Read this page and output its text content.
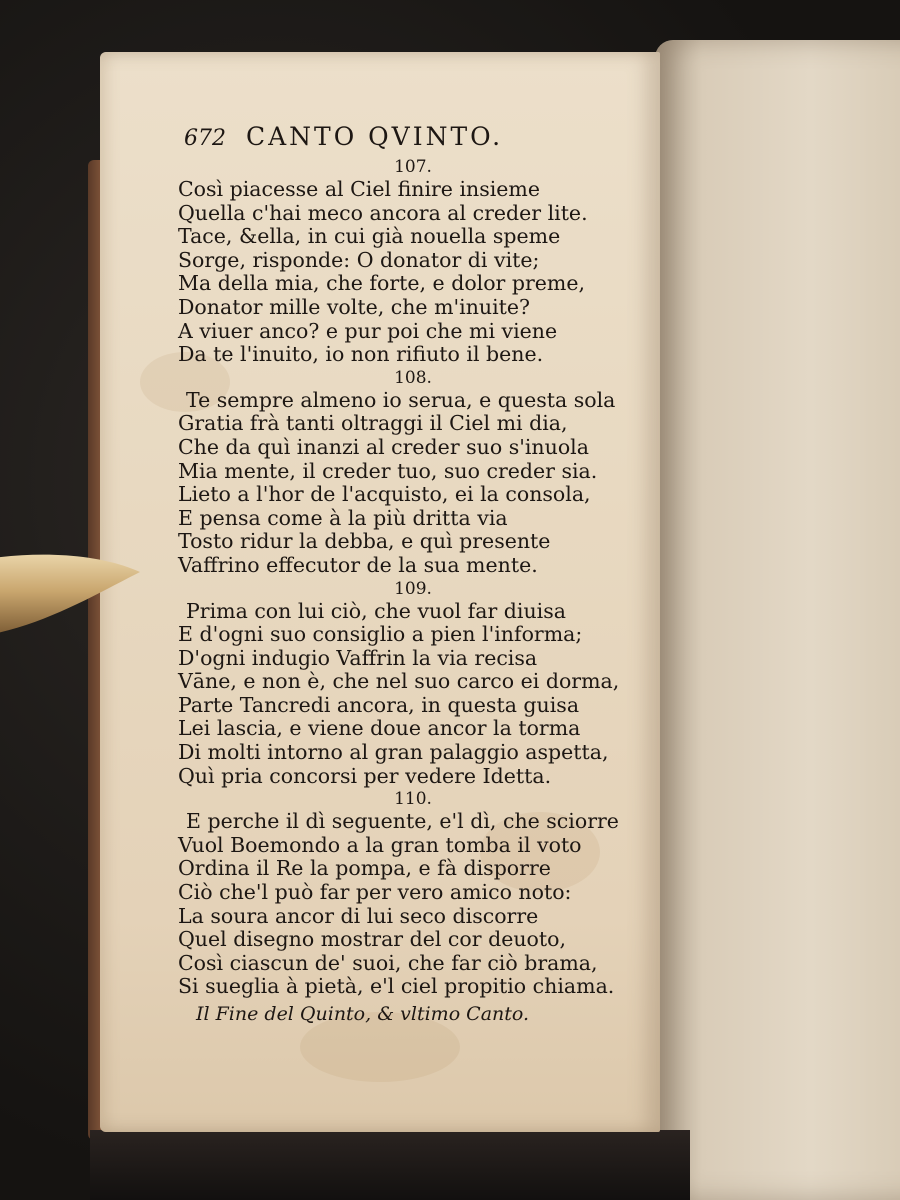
672 CANTO QVINTO.
107.
Così piacesse al Ciel finire insieme
Quella c'hai meco ancora al creder lite.
Tace, &ella, in cui già nouella speme
Sorge, risponde: O donator di vite;
Ma della mia, che forte, e dolor preme,
Donator mille volte, che m'inuite?
A viuer anco? e pur poi che mi viene
Da te l'inuito, io non rifiuto il bene.
108.
Te sempre almeno io serua, e questa sola
Gratia frà tanti oltraggi il Ciel mi dia,
Che da quì inanzi al creder suo s'inuola
Mia mente, il creder tuo, suo creder sia.
Lieto a l'hor de l'acquisto, ei la consola,
E pensa come à la più dritta via
Tosto ridur la debba, e quì presente
Vaffrino effecutor de la sua mente.
109.
Prima con lui ciò, che vuol far diuisa
E d'ogni suo consiglio a pien l'informa;
D'ogni indugio Vaffrin la via recisa
Vāne, e non è, che nel suo carco ei dorma,
Parte Tancredi ancora, in questa guisa
Lei lascia, e viene doue ancor la torma
Di molti intorno al gran palaggio aspetta,
Quì pria concorsi per vedere Idetta.
110.
E perche il dì seguente, e'l dì, che sciorre
Vuol Boemondo a la gran tomba il voto
Ordina il Re la pompa, e fà disporre
Ciò che'l può far per vero amico noto:
La soura ancor di lui seco discorre
Quel disegno mostrar del cor deuoto,
Così ciascun de' suoi, che far ciò brama,
Si sueglia à pietà, e'l ciel propitio chiama.
Il Fine del Quinto, & vltimo Canto.
